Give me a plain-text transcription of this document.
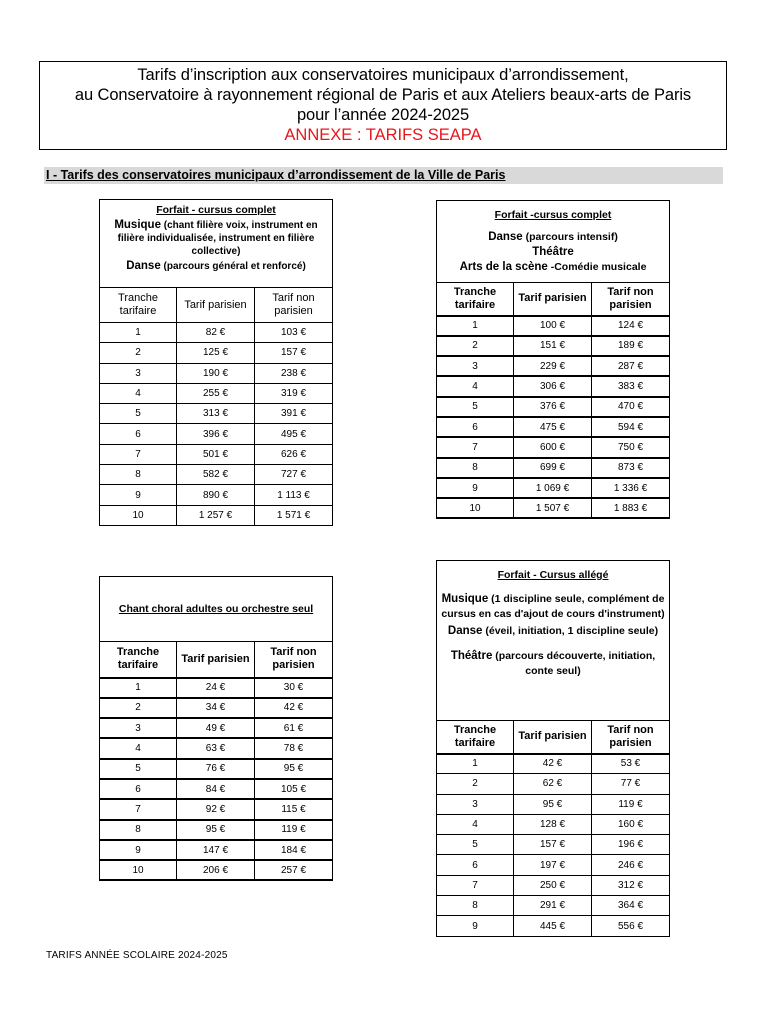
Tarifs d’inscription aux conservatoires municipaux d’arrondissement,
au Conservatoire à rayonnement régional de Paris et aux Ateliers beaux-arts de Paris
pour l’année 2024-2025
ANNEXE : TARIFS SEAPA
I - Tarifs des conservatoires municipaux d’arrondissement de la Ville de Paris
Forfait - cursus complet
Musique (chant filière voix, instrument en filière individualisée, instrument en filière collective)
Danse (parcours général et renforcé)		

Tranche tarifaire	Tarif parisien	Tarif non parisien
1	82 €	103 €
2	125 €	157 €
3	190 €	238 €
4	255 €	319 €
5	313 €	391 €
6	396 €	495 €
7	501 €	626 €
8	582 €	727 €
9	890 €	1 113 €
10	1 257 €	1 571 €
Forfait -cursus complet
Danse (parcours intensif)
Théâtre
Arts de la scène -Comédie musicale		

Tranche tarifaire	Tarif parisien	Tarif non parisien
1	100 €	124 €
2	151 €	189 €
3	229 €	287 €
4	306 €	383 €
5	376 €	470 €
6	475 €	594 €
7	600 €	750 €
8	699 €	873 €
9	1 069 €	1 336 €
10	1 507 €	1 883 €
Chant choral adultes ou orchestre seul		
Tranche tarifaire	Tarif parisien	Tarif non parisien
1	24 €	30 €
2	34 €	42 €
3	49 €	61 €
4	63 €	78 €
5	76 €	95 €
6	84 €	105 €
7	92 €	115 €
8	95 €	119 €
9	147 €	184 €
10	206 €	257 €
Forfait - Cursus allégé
Musique (1 discipline seule, complément de cursus en cas d'ajout de cours d'instrument)
Danse (éveil, initiation, 1 discipline seule)
Théâtre (parcours découverte, initiation, conte seul)		

Tranche tarifaire	Tarif parisien	Tarif non parisien
1	42 €	53 €
2	62 €	77 €
3	95 €	119 €
4	128 €	160 €
5	157 €	196 €
6	197 €	246 €
7	250 €	312 €
8	291 €	364 €
9	445 €	556 €
TARIFS ANNÉE SCOLAIRE 2024-2025
